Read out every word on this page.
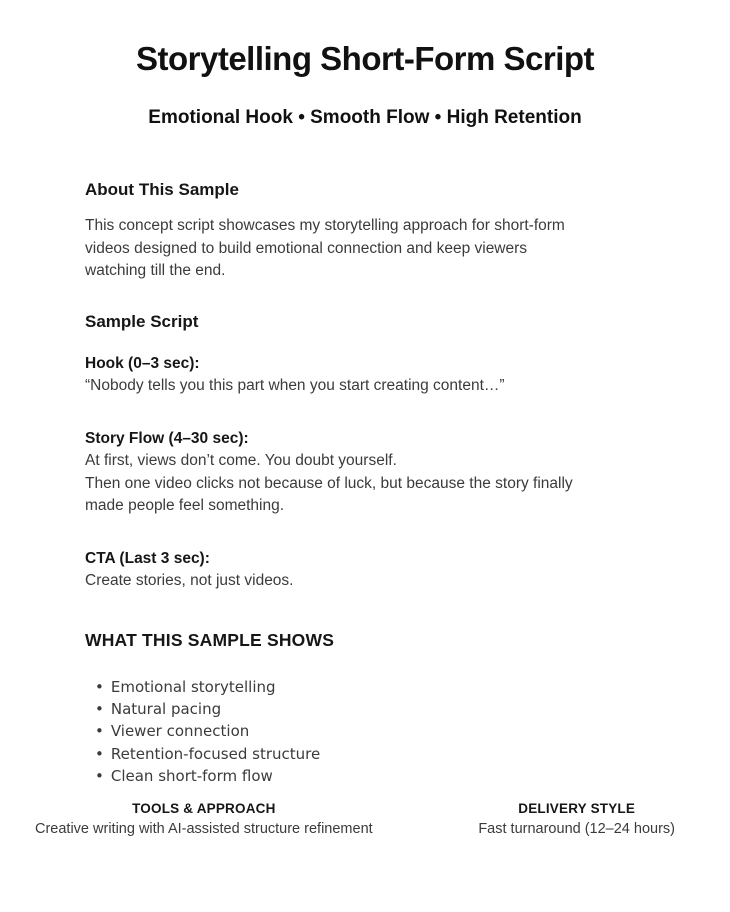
Storytelling Short-Form Script
Emotional Hook • Smooth Flow • High Retention
About This Sample
This concept script showcases my storytelling approach for short-form
videos designed to build emotional connection and keep viewers
watching till the end.
Sample Script
Hook (0–3 sec):
“Nobody tells you this part when you start creating content…”
Story Flow (4–30 sec):
At first, views don’t come. You doubt yourself.
Then one video clicks not because of luck, but because the story finally
made people feel something.
CTA (Last 3 sec):
Create stories, not just videos.
WHAT THIS SAMPLE SHOWS
• Emotional storytelling
• Natural pacing
• Viewer connection
• Retention-focused structure
• Clean short-form flow
TOOLS & APPROACH
Creative writing with AI-assisted structure refinement
DELIVERY STYLE
Fast turnaround (12–24 hours)
